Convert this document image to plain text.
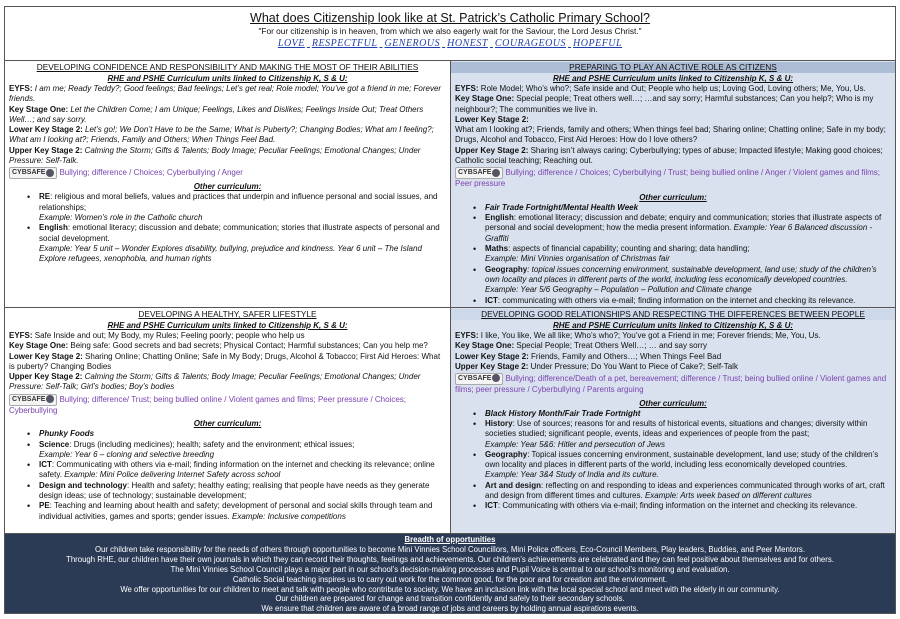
What does Citizenship look like at St. Patrick’s Catholic Primary School?
"For our citizenship is in heaven, from which we also eagerly wait for the Saviour, the Lord Jesus Christ."
LOVE RESPECTFUL GENEROUS HONEST COURAGEOUS HOPEFUL
DEVELOPING CONFIDENCE AND RESPONSIBILITY AND MAKING THE MOST OF THEIR ABILITIES
RHE and PSHE Curriculum units linked to Citizenship K, S & U:
EYFS: I am me; Ready Teddy?; Good feelings; Bad feelings; Let’s get real; Role model; You’ve got a friend in me; Forever friends.
Key Stage One: Let the Children Come; I am Unique; Feelings, Likes and Dislikes; Feelings Inside Out; Treat Others Well…; and say sorry.
Lower Key Stage 2: Let’s go!; We Don’t Have to be the Same; What is Puberty?; Changing Bodies; What am I feeling?; What am I looking at?; Friends, Family and Others; When Things Feel Bad.
Upper Key Stage 2: Calming the Storm; Gifts & Talents; Body Image; Peculiar Feelings; Emotional Changes; Under Pressure: Self-Talk.
CYBSAFE Bullying; difference / Choices; Cyberbullying / Anger
Other curriculum:
• RE: religious and moral beliefs, values and practices that underpin and influence personal and social issues, and relationships;
Example: Women’s role in the Catholic church
• English: emotional literacy; discussion and debate; communication; stories that illustrate aspects of personal and social development.
Example: Year 5 unit – Wonder Explores disability, bullying, prejudice and kindness. Year 6 unit – The Island Explore refugees, xenophobia, and human rights
PREPARING TO PLAY AN ACTIVE ROLE AS CITIZENS
RHE and PSHE Curriculum units linked to Citizenship K, S & U:
EYFS: Role Model; Who’s who?; Safe inside and Out; People who help us; Loving God, Loving others; Me, You, Us.
Key Stage One: Special people; Treat others well…; …and say sorry; Harmful substances; Can you help?; Who is my neighbour?; The communities we live in.
Lower Key Stage 2:
What am I looking at?; Friends, family and others; When things feel bad; Sharing online; Chatting online; Safe in my body; Drugs, Alcohol and Tobacco, First Aid Heroes: How do I love others?
Upper Key Stage 2: Sharing isn’t always caring; Cyberbullying; types of abuse; Impacted lifestyle; Making good choices; Catholic social teaching; Reaching out.
CYBSAFE Bullying; difference / Choices; Cyberbullying / Trust; being bullied online / Anger / Violent games and films; Peer pressure
Other curriculum:
• Fair Trade Fortnight/Mental Health Week
• English: emotional literacy; discussion and debate; enquiry and communication; stories that illustrate aspects of personal and social development; how the media present information. Example: Year 6 Balanced discussion - Graffiti
• Maths: aspects of financial capability; counting and sharing; data handling;
Example: Mini Vinnies organisation of Christmas fair
• Geography: topical issues concerning environment, sustainable development, land use; study of the children’s own locality and places in different parts of the world, including less economically developed countries.
Example: Year 5/6 Geography – Population – Pollution and Climate change
• ICT: communicating with others via e-mail; finding information on the internet and checking its relevance.
DEVELOPING A HEALTHY, SAFER LIFESTYLE
RHE and PSHE Curriculum units linked to Citizenship K, S & U:
EYFS: Safe Inside and out; My Body, my Rules; Feeling poorly; people who help us
Key Stage One: Being safe: Good secrets and bad secrets; Physical Contact; Harmful substances; Can you help me?
Lower Key Stage 2: Sharing Online; Chatting Online; Safe in My Body; Drugs, Alcohol & Tobacco; First Aid Heroes: What is puberty? Changing Bodies
Upper Key Stage 2: Calming the Storm; Gifts & Talents; Body Image; Peculiar Feelings; Emotional Changes; Under Pressure: Self-Talk; Girl’s bodies; Boy’s bodies
CYBSAFE Bullying; difference/ Trust; being bullied online / Violent games and films; Peer pressure / Choices; Cyberbullying
Other curriculum:
• Phunky Foods
• Science: Drugs (including medicines); health; safety and the environment; ethical issues;
Example: Year 6 – cloning and selective breeding
• ICT: Communicating with others via e-mail; finding information on the internet and checking its relevance; online safety. Example: Mini Police delivering Internet Safety across school
• Design and technology: Health and safety; healthy eating; realising that people have needs as they generate design ideas; use of technology; sustainable development;
• PE: Teaching and learning about health and safety; development of personal and social skills through team and individual activities, games and sports; gender issues. Example: Inclusive competitions
DEVELOPING GOOD RELATIONSHIPS AND RESPECTING THE DIFFERENCES BETWEEN PEOPLE
RHE and PSHE Curriculum units linked to Citizenship K, S & U:
EYFS: I like, You like, We all like; Who’s who?; You’ve got a Friend in me; Forever friends; Me, You, Us.
Key Stage One: Special People; Treat Others Well…; … and say sorry
Lower Key Stage 2: Friends, Family and Others…; When Things Feel Bad
Upper Key Stage 2: Under Pressure; Do You Want to Piece of Cake?; Self-Talk
CYBSAFE Bullying; difference/Death of a pet, bereavement; difference / Trust; being bullied online / Violent games and films; peer pressure / Cyberbullying / Parents arguing
Other curriculum:
• Black History Month/Fair Trade Fortnight
• History: Use of sources; reasons for and results of historical events, situations and changes; diversity within societies studied; significant people, events, ideas and experiences of people from the past;
Example: Year 5&6: Hitler and persecution of Jews
• Geography: Topical issues concerning environment, sustainable development, land use; study of the children’s own locality and places in different parts of the world, including less economically developed countries.
Example: Year 3&4 Study of India and its culture.
• Art and design: reflecting on and responding to ideas and experiences communicated through works of art, craft and design from different times and cultures. Example: Arts week based on different cultures
• ICT: Communicating with others via e-mail; finding information on the internet and checking its relevance.
Breadth of opportunities
Our children take responsibility for the needs of others through opportunities to become Mini Vinnies School Councillors, Mini Police officers, Eco-Council Members, Play leaders, Buddies, and Peer Mentors.
Through RHE, our children have their own journals in which they can record their thoughts, feelings and achievements. Our children’s achievements are celebrated and they can feel positive about themselves and for others.
The Mini Vinnies School Council plays a major part in our school’s decision-making processes and Pupil Voice is central to our school’s monitoring and evaluation.
Catholic Social teaching inspires us to carry out work for the common good, for the poor and for creation and the environment.
We offer opportunities for our children to meet and talk with people who contribute to society. We have an inclusion link with the local special school and meet with the elderly in our community.
Our children are prepared for change and transition confidently and safely to their secondary schools.
We ensure that children are aware of a broad range of jobs and careers by holding annual aspirations events.
